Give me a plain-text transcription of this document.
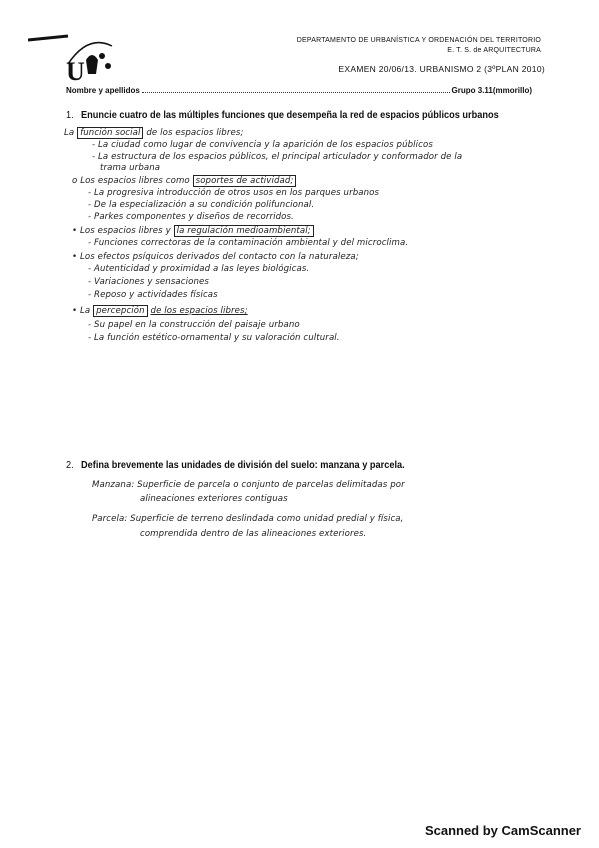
U
DEPARTAMENTO DE URBANÍSTICA Y ORDENACIÓN DEL TERRITORIO
E. T. S. de ARQUITECTURA
EXAMEN 20/06/13. URBANISMO 2 (3ºPLAN 2010)
Nombre y apellidos	Grupo 3.11(mmorillo)
1. Enuncie cuatro de las múltiples funciones que desempeña la red de espacios públicos urbanos
La función social de los espacios libres;
- La ciudad como lugar de convivencia y la aparición de los espacios públicos
- La estructura de los espacios públicos, el principal articulador y conformador de la
trama urbana
o Los espacios libres como soportes de actividad;
- La progresiva introducción de otros usos en los parques urbanos
- De la especialización a su condición polifuncional.
- Parkes componentes y diseños de recorridos.
• Los espacios libres y la regulación medioambiental;
- Funciones correctoras de la contaminación ambiental y del microclima.
• Los efectos psíquicos derivados del contacto con la naturaleza;
- Autenticidad y proximidad a las leyes biológicas.
- Variaciones y sensaciones
- Reposo y actividades físicas
• La percepción de los espacios libres;
- Su papel en la construcción del paisaje urbano
- La función estético-ornamental y su valoración cultural.
2. Defina brevemente las unidades de división del suelo: manzana y parcela.
Manzana: Superficie de parcela o conjunto de parcelas delimitadas por
alineaciones exteriores contiguas
Parcela: Superficie de terreno deslindada como unidad predial y física,
comprendida dentro de las alineaciones exteriores.
Scanned by CamScanner
